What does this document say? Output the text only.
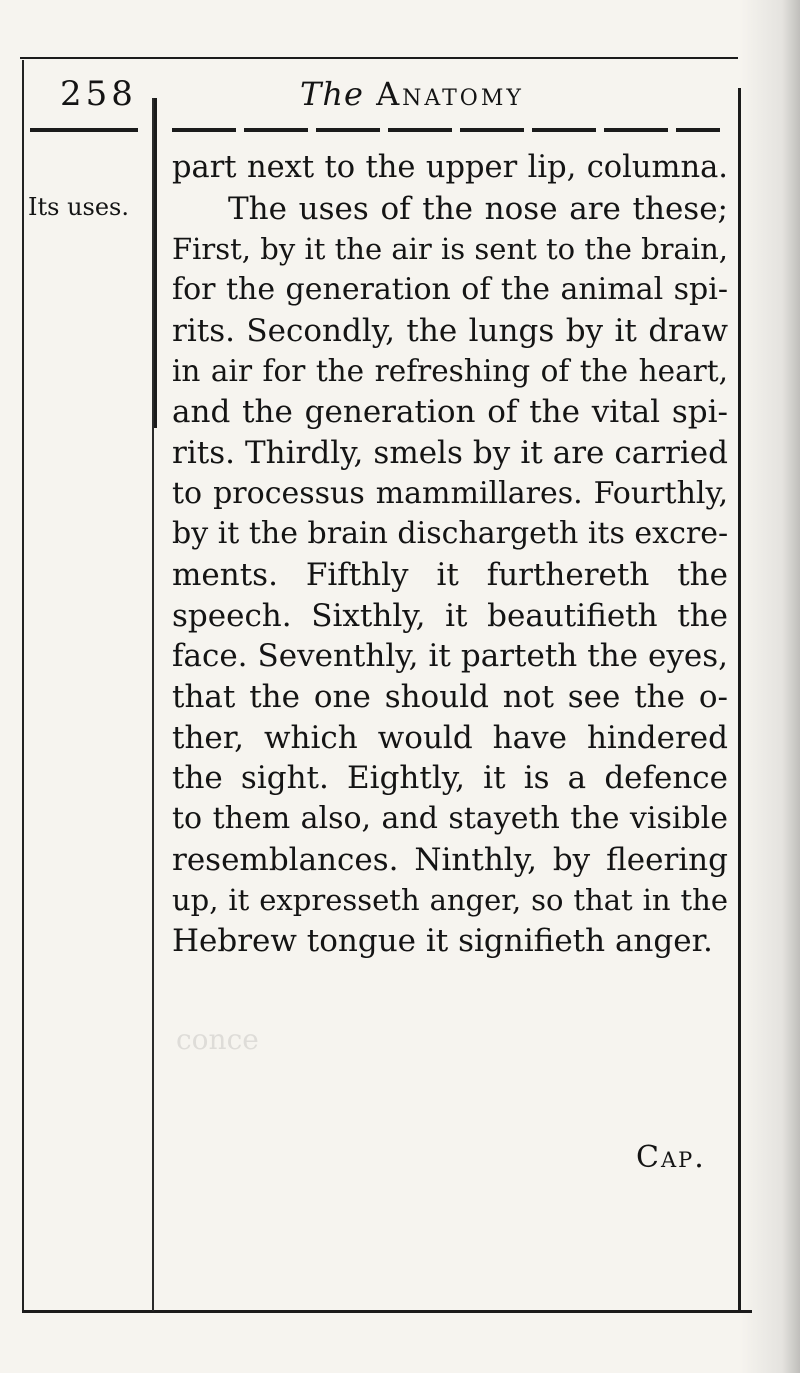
conce
258	The Anatomy
Its uses.
part next to the upper lip, columna.
The uses of the nose are these;
First, by it the air is sent to the brain,
for the generation of the animal spi-
rits. Secondly, the lungs by it draw
in air for the refreshing of the heart,
and the generation of the vital spi-
rits. Thirdly, smels by it are carried
to processus mammillares. Fourthly,
by it the brain dischargeth its excre-
ments. Fifthly it furthereth the
speech. Sixthly, it beautifieth the
face. Seventhly, it parteth the eyes,
that the one should not see the o-
ther, which would have hindered
the sight. Eightly, it is a defence
to them also, and stayeth the visible
resemblances. Ninthly, by fleering
up, it expresseth anger, so that in the
Hebrew tongue it signifieth anger.
Cap.
